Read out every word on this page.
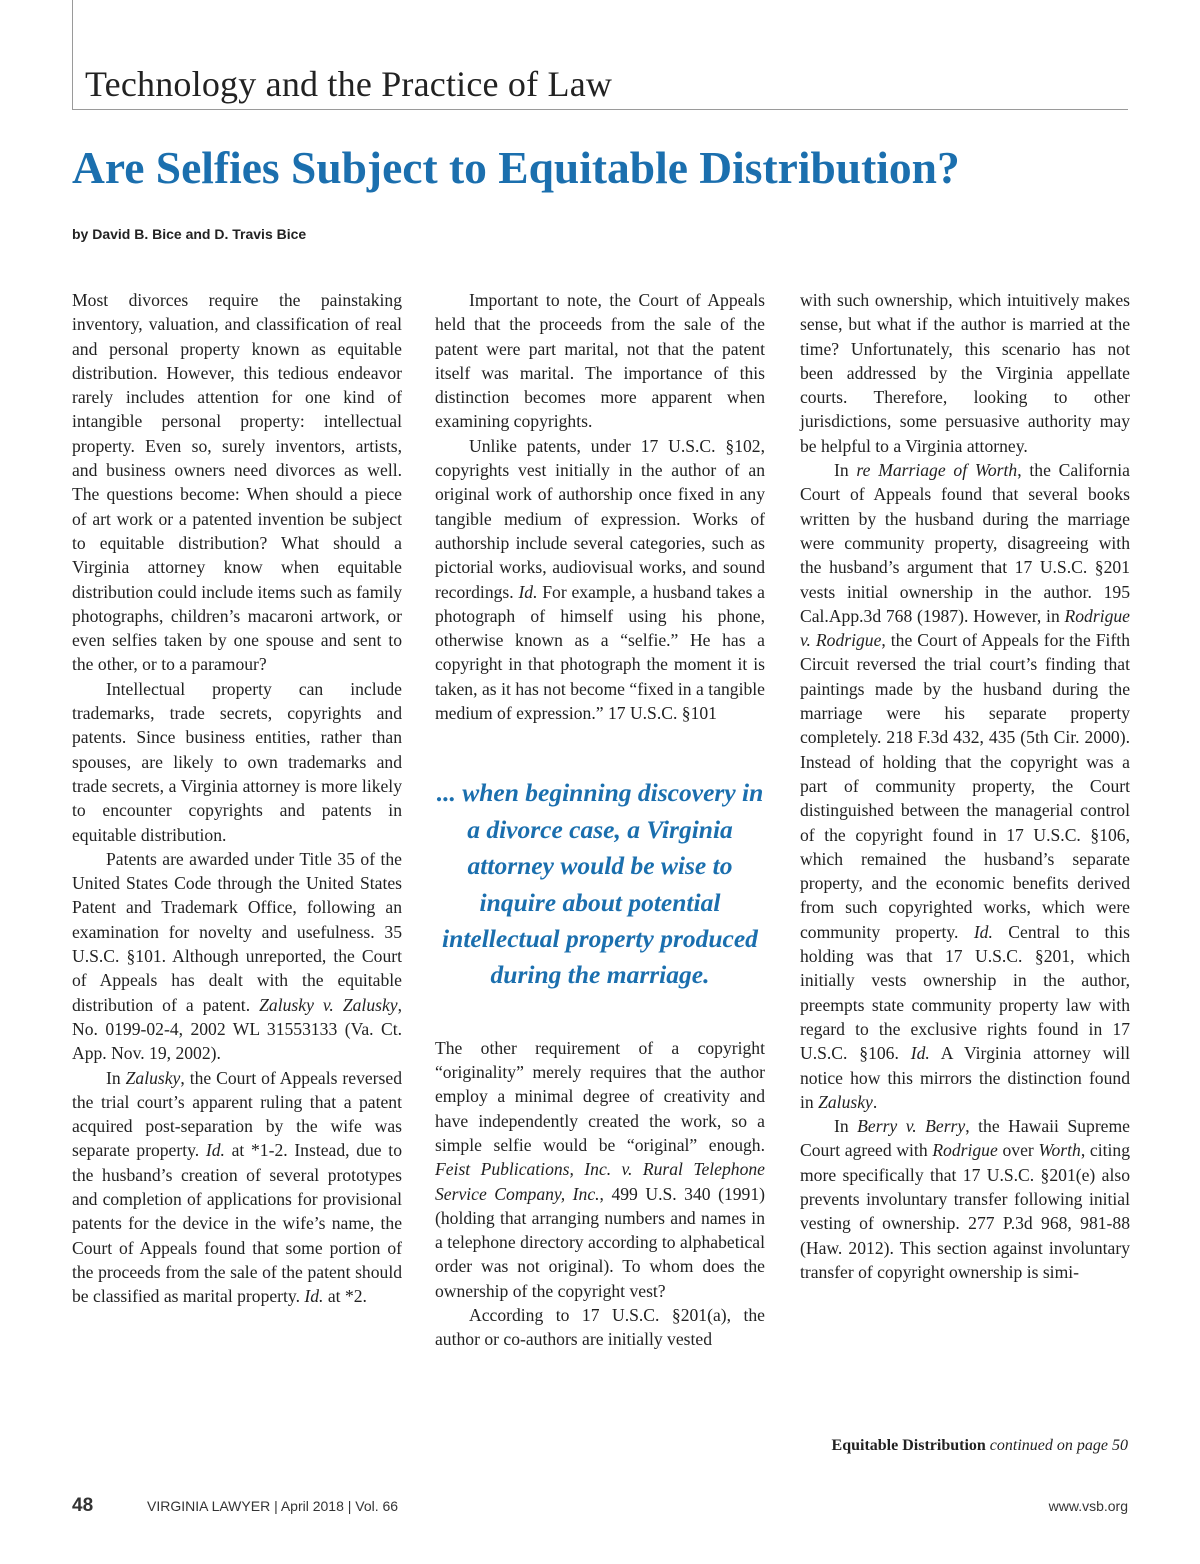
Technology and the Practice of Law
Are Selfies Subject to Equitable Distribution?
by David B. Bice and D. Travis Bice

Most divorces require the painstaking inventory, valuation, and classification of real and personal property known as equitable distribution. However, this tedious endeavor rarely includes attention for one kind of intangible personal property: intellectual property. Even so, surely inventors, artists, and business owners need divorces as well. The questions become: When should a piece of art work or a patented invention be subject to equitable distribution? What should a Virginia attorney know when equitable distribution could include items such as family photographs, children’s macaroni artwork, or even selfies taken by one spouse and sent to the other, or to a paramour?

Intellectual property can include trademarks, trade secrets, copyrights and patents. Since business entities, rather than spouses, are likely to own trademarks and trade secrets, a Virginia attorney is more likely to encounter copyrights and patents in equitable distribution.

Patents are awarded under Title 35 of the United States Code through the United States Patent and Trademark Office, following an examination for novelty and usefulness. 35 U.S.C. §101. Although unreported, the Court of Appeals has dealt with the equitable distribution of a patent. Zalusky v. Zalusky, No. 0199-02-4, 2002 WL 31553133 (Va. Ct. App. Nov. 19, 2002).

In Zalusky, the Court of Appeals reversed the trial court’s apparent ruling that a patent acquired post-separation by the wife was separate property. Id. at *1-2. Instead, due to the husband’s creation of several prototypes and completion of applications for provisional patents for the device in the wife’s name, the Court of Appeals found that some portion of the proceeds from the sale of the patent should be classified as marital property. Id. at *2.

Important to note, the Court of Appeals held that the proceeds from the sale of the patent were part marital, not that the patent itself was marital. The importance of this distinction becomes more apparent when examining copyrights.

Unlike patents, under 17 U.S.C. §102, copyrights vest initially in the author of an original work of authorship once fixed in any tangible medium of expression. Works of authorship include several categories, such as pictorial works, audiovisual works, and sound recordings. Id. For example, a husband takes a photograph of himself using his phone, otherwise known as a “selfie.” He has a copyright in that photograph the moment it is taken, as it has not become “fixed in a tangible medium of expression.” 17 U.S.C. §101

... when beginning discovery in a divorce case, a Virginia attorney would be wise to inquire about potential intellectual property produced during the marriage.

The other requirement of a copyright “originality” merely requires that the author employ a minimal degree of creativity and have independently created the work, so a simple selfie would be “original” enough. Feist Publications, Inc. v. Rural Telephone Service Company, Inc., 499 U.S. 340 (1991) (holding that arranging numbers and names in a telephone directory according to alphabetical order was not original). To whom does the ownership of the copyright vest?

According to 17 U.S.C. §201(a), the author or co-authors are initially vested

with such ownership, which intuitively makes sense, but what if the author is married at the time? Unfortunately, this scenario has not been addressed by the Virginia appellate courts. Therefore, looking to other jurisdictions, some persuasive authority may be helpful to a Virginia attorney.

In re Marriage of Worth, the California Court of Appeals found that several books written by the husband during the marriage were community property, disagreeing with the husband’s argument that 17 U.S.C. §201 vests initial ownership in the author. 195 Cal.App.3d 768 (1987). However, in Rodrigue v. Rodrigue, the Court of Appeals for the Fifth Circuit reversed the trial court’s finding that paintings made by the husband during the marriage were his separate property completely. 218 F.3d 432, 435 (5th Cir. 2000). Instead of holding that the copyright was a part of community property, the Court distinguished between the managerial control of the copyright found in 17 U.S.C. §106, which remained the husband’s separate property, and the economic benefits derived from such copyrighted works, which were community property. Id. Central to this holding was that 17 U.S.C. §201, which initially vests ownership in the author, preempts state community property law with regard to the exclusive rights found in 17 U.S.C. §106. Id. A Virginia attorney will notice how this mirrors the distinction found in Zalusky.

In Berry v. Berry, the Hawaii Supreme Court agreed with Rodrigue over Worth, citing more specifically that 17 U.S.C. §201(e) also prevents involuntary transfer following initial vesting of ownership. 277 P.3d 968, 981-88 (Haw. 2012). This section against involuntary transfer of copyright ownership is simi-

Equitable Distribution continued on page 50
48	VIRGINIA LAWYER | April 2018 | Vol. 66	www.vsb.org
